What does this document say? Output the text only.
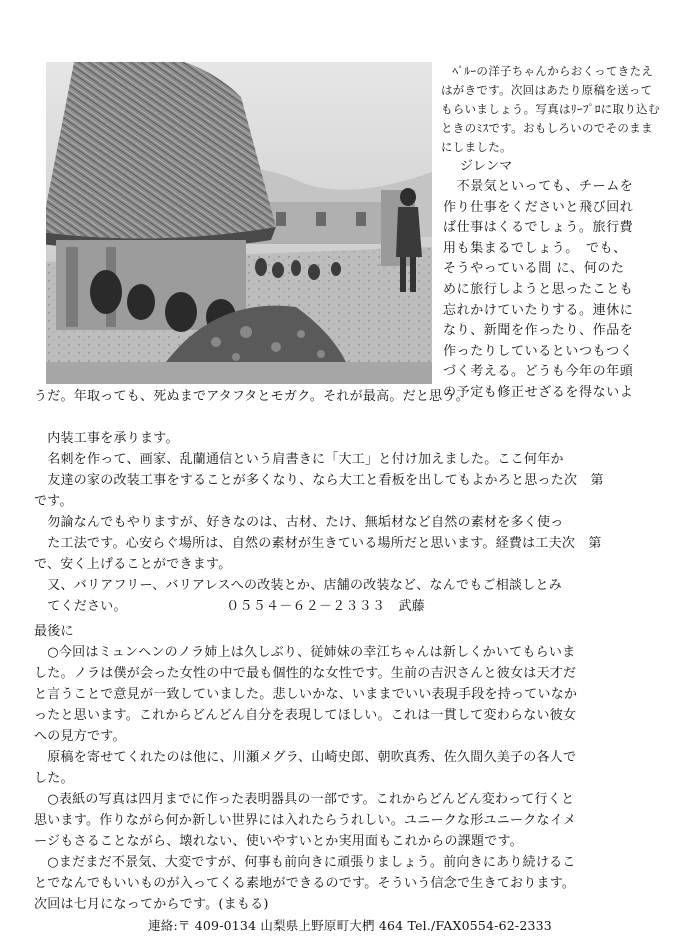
ﾍﾟﾙｰの洋子ちゃんからおくってきたえはがきです。次回はあたり原稿を送ってもらいましょう。写真はﾘｰﾌﾟﾛに取り込むときのﾐｽです。おもしろいのでそのままにしました。

ジレンマ

　不景気といっても、チームを
作り仕事をくださいと飛び回れ
ば仕事はくるでしょう。旅行費
用も集まるでしょう。　でも、
そうやっている間 に、何のた
めに旅行しようと思ったことも
忘れかけていたりする。連休に
なり、新聞を作ったり、作品を
作ったりしているといつもつく
づく考える。どうも今年の年頭
の予定も修正せざるを得ないよ
うだ。年取っても、死ぬまでアタフタとモガク。それが最高。だと思う。
　内装工事を承ります。
　名刺を作って、画家、乱蘭通信という肩書きに「大工」と付け加えました。ここ何年か
　友達の家の改装工事をすることが多くなり、なら大工と看板を出してもよかろと思った次　第
です。
　勿論なんでもやりますが、好きなのは、古材、たけ、無垢材など自然の素材を多く使っ
　た工法です。心安らぐ場所は、自然の素材が生きている場所だと思います。経費は工夫次　第
で、安く上げることができます。
　又、バリアフリー、バリアレスへの改装とか、店舗の改装など、なんでもご相談しとみ
　てください。　　　　　　　　０５５４－６２－２３３３　武藤
最後に
　○今回はミュンヘンのノラ姉上は久しぶり、従姉妹の幸江ちゃんは新しくかいてもらいま
した。ノラは僕が会った女性の中で最も個性的な女性です。生前の吉沢さんと彼女は天才だ
と言うことで意見が一致していました。悲しいかな、いままでいい表現手段を持っていなか
ったと思います。これからどんどん自分を表現してほしい。これは一貫して変わらない彼女
への見方です。
　原稿を寄せてくれたのは他に、川瀬メグラ、山崎史郎、朝吹真秀、佐久間久美子の各人で
した。
　○表紙の写真は四月までに作った表明器具の一部です。これからどんどん変わって行くと
思います。作りながら何か新しい世界には入れたらうれしい。ユニークな形ユニークなイメ
ージもさることながら、壊れない、使いやすいとか実用面もこれからの課題です。
　○まだまだ不景気、大変ですが、何事も前向きに頑張りましょう。前向きにあり続けるこ
とでなんでもいいものが入ってくる素地ができるのです。そういう信念で生きております。
次回は七月になってからです。(まもる)
連絡:〒 409-0134 山梨県上野原町大椚 464 Tel./FAX0554-62-2333
